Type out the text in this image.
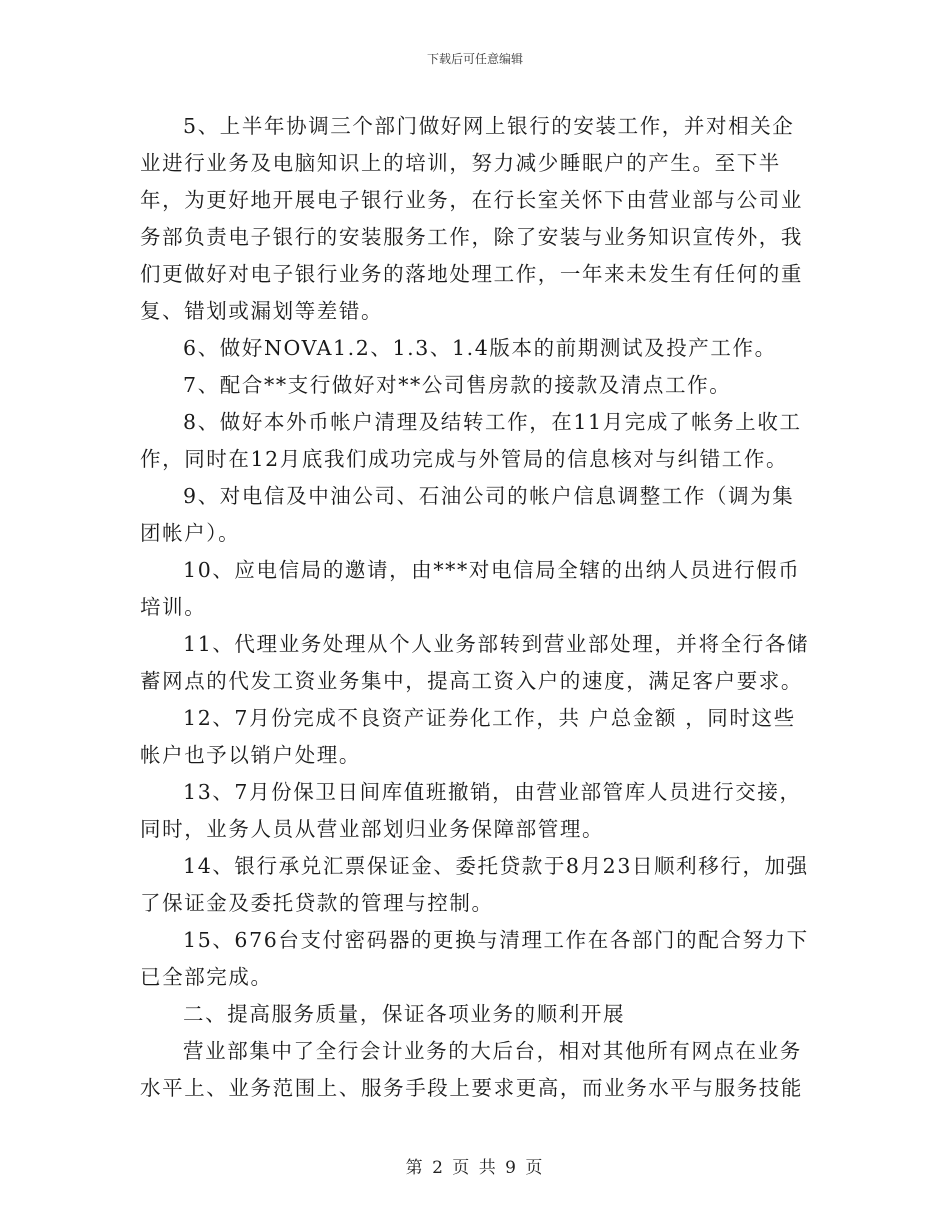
下载后可任意编辑

5、上半年协调三个部门做好网上银行的安装工作，并对相关企业进行业务及电脑知识上的培训，努力减少睡眠户的产生。至下半年，为更好地开展电子银行业务，在行长室关怀下由营业部与公司业务部负责电子银行的安装服务工作，除了安装与业务知识宣传外，我们更做好对电子银行业务的落地处理工作，一年来未发生有任何的重复、错划或漏划等差错。

6、做好NOVA1.2、1.3、1.4版本的前期测试及投产工作。

7、配合**支行做好对**公司售房款的接款及清点工作。

8、做好本外币帐户清理及结转工作，在11月完成了帐务上收工作，同时在12月底我们成功完成与外管局的信息核对与纠错工作。

9、对电信及中油公司、石油公司的帐户信息调整工作（调为集团帐户）。

10、应电信局的邀请，由***对电信局全辖的出纳人员进行假币培训。

11、代理业务处理从个人业务部转到营业部处理，并将全行各储蓄网点的代发工资业务集中，提高工资入户的速度，满足客户要求。

12、7月份完成不良资产证券化工作，共 户总金额 ，同时这些帐户也予以销户处理。

13、7月份保卫日间库值班撤销，由营业部管库人员进行交接，同时，业务人员从营业部划归业务保障部管理。

14、银行承兑汇票保证金、委托贷款于8月23日顺利移行，加强了保证金及委托贷款的管理与控制。

15、676台支付密码器的更换与清理工作在各部门的配合努力下已全部完成。

二、提高服务质量，保证各项业务的顺利开展

营业部集中了全行会计业务的大后台，相对其他所有网点在业务水平上、业务范围上、服务手段上要求更高，而业务水平与服务技能

第 2 页 共 9 页
